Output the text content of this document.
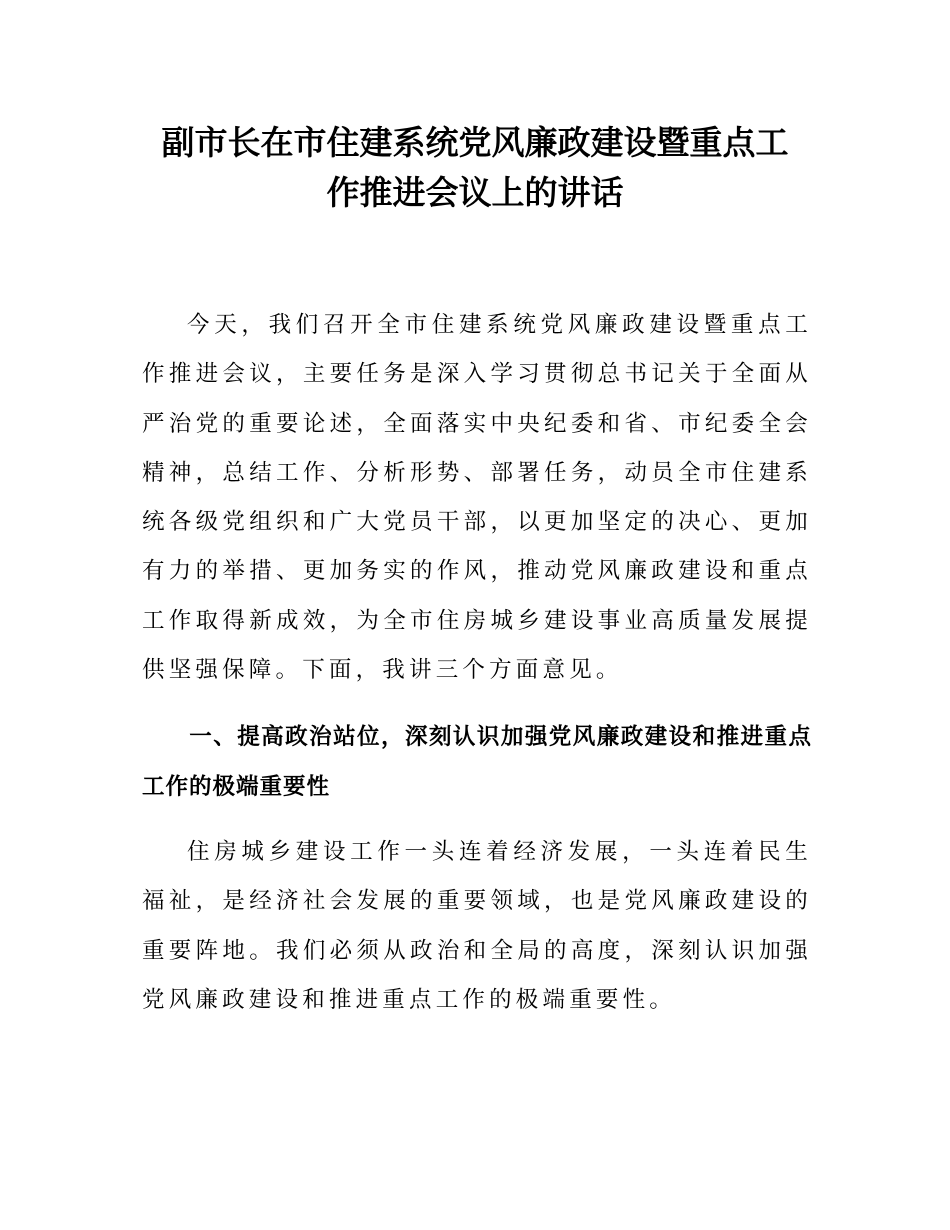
副市长在市住建系统党风廉政建设暨重点工
作推进会议上的讲话

今天，我们召开全市住建系统党风廉政建设暨重点工作推进会议，主要任务是深入学习贯彻总书记关于全面从严治党的重要论述，全面落实中央纪委和省、市纪委全会精神，总结工作、分析形势、部署任务，动员全市住建系统各级党组织和广大党员干部，以更加坚定的决心、更加有力的举措、更加务实的作风，推动党风廉政建设和重点工作取得新成效，为全市住房城乡建设事业高质量发展提供坚强保障。下面，我讲三个方面意见。

一、提高政治站位，深刻认识加强党风廉政建设和推进重点工作的极端重要性

住房城乡建设工作一头连着经济发展，一头连着民生福祉，是经济社会发展的重要领域，也是党风廉政建设的重要阵地。我们必须从政治和全局的高度，深刻认识加强党风廉政建设和推进重点工作的极端重要性。
